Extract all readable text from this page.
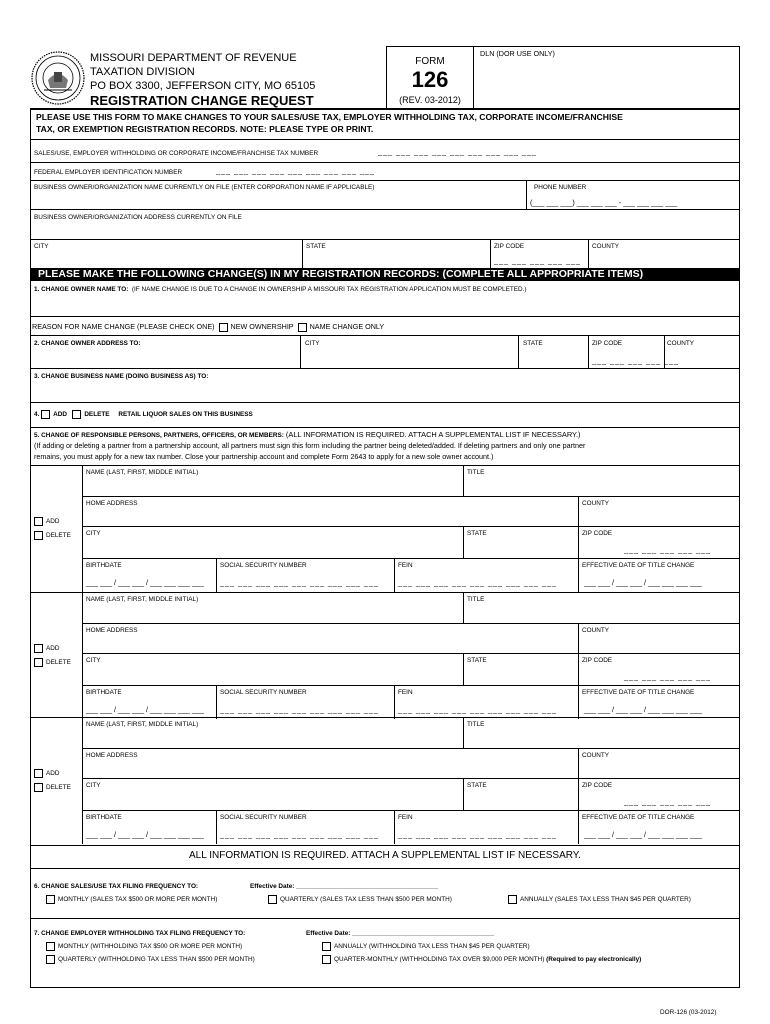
MISSOURI DEPARTMENT OF REVENUE
TAXATION DIVISION
PO BOX 3300, JEFFERSON CITY, MO 65105
REGISTRATION CHANGE REQUEST
FORM
126
(REV. 03-2012)
DLN (DOR USE ONLY)
PLEASE USE THIS FORM TO MAKE CHANGES TO YOUR SALES/USE TAX, EMPLOYER WITHHOLDING TAX, CORPORATE INCOME/FRANCHISE
TAX, OR EXEMPTION REGISTRATION RECORDS. NOTE: PLEASE TYPE OR PRINT.
SALES/USE, EMPLOYER WITHHOLDING OR CORPORATE INCOME/FRANCHISE TAX NUMBER	___ ___ ___ ___ ___ ___ ___ ___ ___
FEDERAL EMPLOYER IDENTIFICATION NUMBER	___ ___ ___ ___ ___ ___ ___ ___ ___
BUSINESS OWNER/ORGANIZATION NAME CURRENTLY ON FILE (ENTER CORPORATION NAME IF APPLICABLE)	PHONE NUMBER
(___ ___ ___) ___ ___ ___ - ___ ___ ___ ___
BUSINESS OWNER/ORGANIZATION ADDRESS CURRENTLY ON FILE
CITY	STATE	ZIP CODE
___ ___ ___ ___ ___
COUNTY
PLEASE MAKE THE FOLLOWING CHANGE(S) IN MY REGISTRATION RECORDS: (COMPLETE ALL APPROPRIATE ITEMS)
1. CHANGE OWNER NAME TO: (IF NAME CHANGE IS DUE TO A CHANGE IN OWNERSHIP A MISSOURI TAX REGISTRATION APPLICATION MUST BE COMPLETED.)
REASON FOR NAME CHANGE (PLEASE CHECK ONE) NEW OWNERSHIP NAME CHANGE ONLY
2. CHANGE OWNER ADDRESS TO:	CITY	STATE	ZIP CODE
___ ___ ___ ___ ___
COUNTY
3. CHANGE BUSINESS NAME (DOING BUSINESS AS) TO:
4. ADD	DELETE RETAIL LIQUOR SALES ON THIS BUSINESS
5. CHANGE OF RESPONSIBLE PERSONS, PARTNERS, OFFICERS, OR MEMBERS: (ALL INFORMATION IS REQUIRED. ATTACH A SUPPLEMENTAL LIST IF NECESSARY.)
(If adding or deleting a partner from a partnership account, all partners must sign this form including the partner being deleted/added. If deleting partners and only one partner
remains, you must apply for a new tax number. Close your partnership account and complete Form 2643 to apply for a new sole owner account.)
NAME (LAST, FIRST, MIDDLE INITIAL)	TITLE
HOME ADDRESS	COUNTY
ADD
DELETE CITY	STATE	ZIP CODE
___ ___ ___ ___ ___
BIRTHDATE
___ ___ / ___ ___ / ___ ___ ___ ___
SOCIAL SECURITY NUMBER
___ ___ ___ ___ ___ ___ ___ ___ ___
FEIN
___ ___ ___ ___ ___ ___ ___ ___ ___
EFFECTIVE DATE OF TITLE CHANGE
___ ___ / ___ ___ / ___ ___ ___ ___
NAME (LAST, FIRST, MIDDLE INITIAL)	TITLE
HOME ADDRESS	COUNTY
ADD
DELETE CITY	STATE	ZIP CODE
___ ___ ___ ___ ___
BIRTHDATE
___ ___ / ___ ___ / ___ ___ ___ ___
SOCIAL SECURITY NUMBER
___ ___ ___ ___ ___ ___ ___ ___ ___
FEIN
___ ___ ___ ___ ___ ___ ___ ___ ___
EFFECTIVE DATE OF TITLE CHANGE
___ ___ / ___ ___ / ___ ___ ___ ___
NAME (LAST, FIRST, MIDDLE INITIAL)	TITLE
HOME ADDRESS	COUNTY
ADD
DELETE CITY	STATE	ZIP CODE
___ ___ ___ ___ ___
BIRTHDATE
___ ___ / ___ ___ / ___ ___ ___ ___
SOCIAL SECURITY NUMBER
___ ___ ___ ___ ___ ___ ___ ___ ___
FEIN
___ ___ ___ ___ ___ ___ ___ ___ ___
EFFECTIVE DATE OF TITLE CHANGE
___ ___ / ___ ___ / ___ ___ ___ ___
ALL INFORMATION IS REQUIRED. ATTACH A SUPPLEMENTAL LIST IF NECESSARY.
6. CHANGE SALES/USE TAX FILING FREQUENCY TO:	Effective Date: ________________________________________
MONTHLY (SALES TAX $500 OR MORE PER MONTH)	QUARTERLY (SALES TAX LESS THAN $500 PER MONTH)	ANNUALLY (SALES TAX LESS THAN $45 PER QUARTER)
7. CHANGE EMPLOYER WITHHOLDING TAX FILING FREQUENCY TO:	Effective Date: ________________________________________
MONTHLY (WITHHOLDING TAX $500 OR MORE PER MONTH)	ANNUALLY (WITHHOLDING TAX LESS THAN $45 PER QUARTER)
QUARTERLY (WITHHOLDING TAX LESS THAN $500 PER MONTH)	QUARTER-MONTHLY (WITHHOLDING TAX OVER $9,000 PER MONTH) (Required to pay electronically)
DOR-126 (03-2012)
